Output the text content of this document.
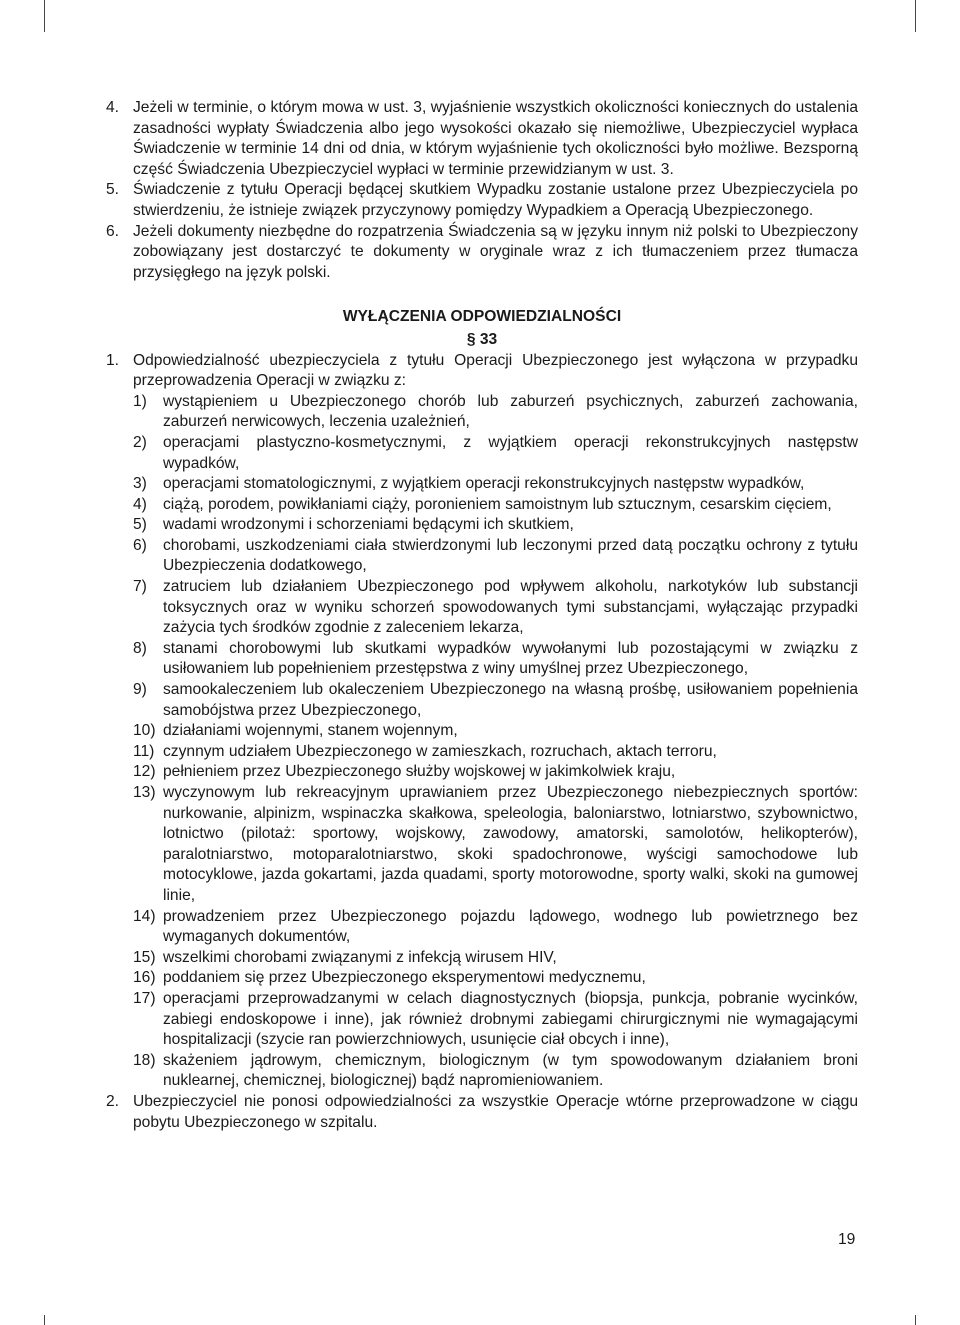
4. Jeżeli w terminie, o którym mowa w ust. 3, wyjaśnienie wszystkich okoliczności koniecznych do ustalenia zasadności wypłaty Świadczenia albo jego wysokości okazało się niemożliwe, Ubezpieczyciel wypłaca Świadczenie w terminie 14 dni od dnia, w którym wyjaśnienie tych okoliczności było możliwe. Bezsporną część Świadczenia Ubezpieczyciel wypłaci w terminie przewidzianym w ust. 3.
5. Świadczenie z tytułu Operacji będącej skutkiem Wypadku zostanie ustalone przez Ubezpieczyciela po stwierdzeniu, że istnieje związek przyczynowy pomiędzy Wypadkiem a Operacją Ubezpieczonego.
6. Jeżeli dokumenty niezbędne do rozpatrzenia Świadczenia są w języku innym niż polski to Ubezpieczony zobowiązany jest dostarczyć te dokumenty w oryginale wraz z ich tłumaczeniem przez tłumacza przysięgłego na język polski.
WYŁĄCZENIA ODPOWIEDZIALNOŚCI
§ 33
1. Odpowiedzialność ubezpieczyciela z tytułu Operacji Ubezpieczonego jest wyłączona w przypadku przeprowadzenia Operacji w związku z:
1)	wystąpieniem u Ubezpieczonego chorób lub zaburzeń psychicznych, zaburzeń zachowania, zaburzeń nerwicowych, leczenia uzależnień,
2)	operacjami plastyczno-kosmetycznymi, z wyjątkiem operacji rekonstrukcyjnych następstw wypadków,
3)	operacjami stomatologicznymi, z wyjątkiem operacji rekonstrukcyjnych następstw wypadków,
4)	ciążą, porodem, powikłaniami ciąży, poronieniem samoistnym lub sztucznym, cesarskim cięciem,
5)	wadami wrodzonymi i schorzeniami będącymi ich skutkiem,
6)	chorobami, uszkodzeniami ciała stwierdzonymi lub leczonymi przed datą początku ochrony z tytułu Ubezpieczenia dodatkowego,
7)	zatruciem lub działaniem Ubezpieczonego pod wpływem alkoholu, narkotyków lub substancji toksycznych oraz w wyniku schorzeń spowodowanych tymi substancjami, wyłączając przypadki zażycia tych środków zgodnie z zaleceniem lekarza,
8)	stanami chorobowymi lub skutkami wypadków wywołanymi lub pozostającymi w związku z usiłowaniem lub popełnieniem przestępstwa z winy umyślnej przez Ubezpieczonego,
9)	samookaleczeniem lub okaleczeniem Ubezpieczonego na własną prośbę, usiłowaniem popełnienia samobójstwa przez Ubezpieczonego,
10) działaniami wojennymi, stanem wojennym,
11) czynnym udziałem Ubezpieczonego w zamieszkach, rozruchach, aktach terroru,
12) pełnieniem przez Ubezpieczonego służby wojskowej w jakimkolwiek kraju,
13) wyczynowym lub rekreacyjnym uprawianiem przez Ubezpieczonego niebezpiecznych sportów: nurkowanie, alpinizm, wspinaczka skałkowa, speleologia, baloniarstwo, lotniarstwo, szybownictwo, lotnictwo (pilotaż: sportowy, wojskowy, zawodowy, amatorski, samolotów, helikopterów), paralotniarstwo, motoparalotniarstwo, skoki spadochronowe, wyścigi samochodowe lub motocyklowe, jazda gokartami, jazda quadami, sporty motorowodne, sporty walki, skoki na gumowej linie,
14) prowadzeniem przez Ubezpieczonego pojazdu lądowego, wodnego lub powietrznego bez wymaganych dokumentów,
15) wszelkimi chorobami związanymi z infekcją wirusem HIV,
16) poddaniem się przez Ubezpieczonego eksperymentowi medycznemu,
17) operacjami przeprowadzanymi w celach diagnostycznych (biopsja, punkcja, pobranie wycinków, zabiegi endoskopowe i inne), jak również drobnymi zabiegami chirurgicznymi nie wymagającymi hospitalizacji (szycie ran powierzchniowych, usunięcie ciał obcych i inne),
18) skażeniem jądrowym, chemicznym, biologicznym (w tym spowodowanym działaniem broni nuklearnej, chemicznej, biologicznej) bądź napromieniowaniem.
2. Ubezpieczyciel nie ponosi odpowiedzialności za wszystkie Operacje wtórne przeprowadzone w ciągu pobytu Ubezpieczonego w szpitalu.
19
